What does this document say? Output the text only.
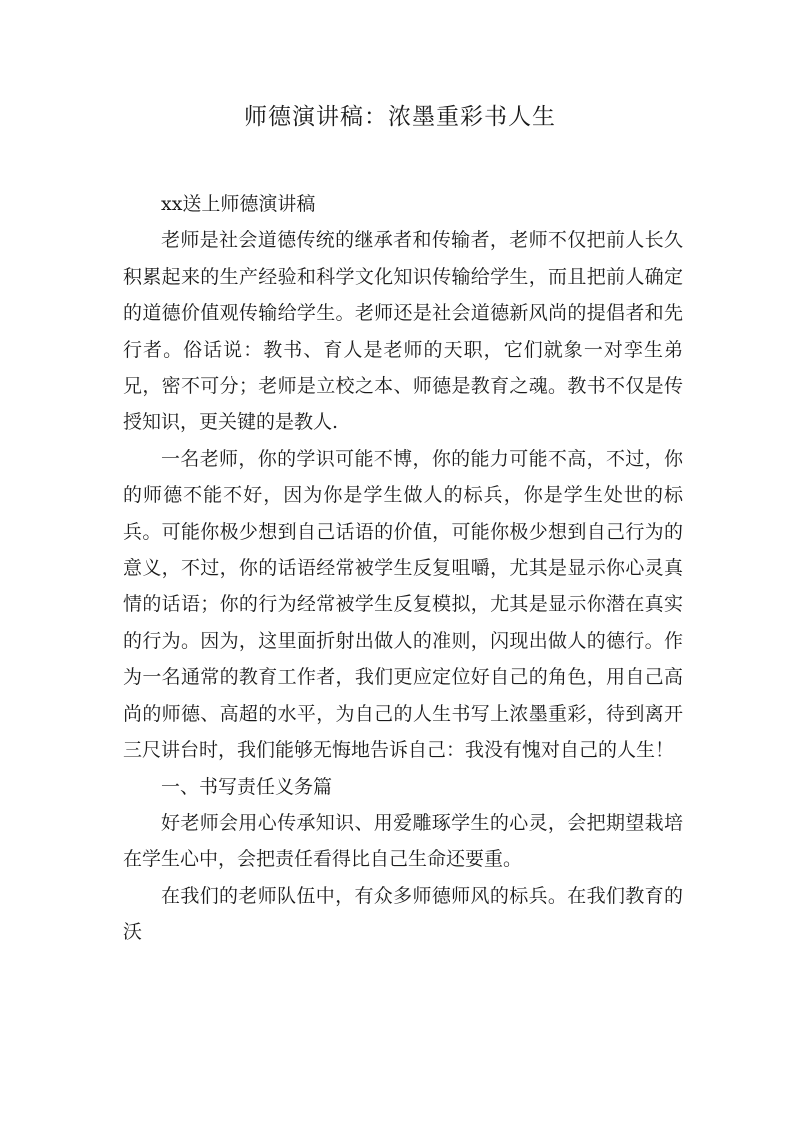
师德演讲稿：浓墨重彩书人生

xx送上师德演讲稿

老师是社会道德传统的继承者和传输者，老师不仅把前人长久积累起来的生产经验和科学文化知识传输给学生，而且把前人确定的道德价值观传输给学生。老师还是社会道德新风尚的提倡者和先行者。俗话说：教书、育人是老师的天职，它们就象一对孪生弟兄，密不可分；老师是立校之本、师德是教育之魂。教书不仅是传授知识，更关键的是教人.

一名老师，你的学识可能不博，你的能力可能不高，不过，你的师德不能不好，因为你是学生做人的标兵，你是学生处世的标兵。可能你极少想到自己话语的价值，可能你极少想到自己行为的意义，不过，你的话语经常被学生反复咀嚼，尤其是显示你心灵真情的话语；你的行为经常被学生反复模拟，尤其是显示你潜在真实的行为。因为，这里面折射出做人的准则，闪现出做人的德行。作为一名通常的教育工作者，我们更应定位好自己的角色，用自己高尚的师德、高超的水平，为自己的人生书写上浓墨重彩，待到离开三尺讲台时，我们能够无悔地告诉自己：我没有愧对自己的人生！

一、书写责任义务篇

好老师会用心传承知识、用爱雕琢学生的心灵，会把期望栽培在学生心中，会把责任看得比自己生命还要重。

在我们的老师队伍中，有众多师德师风的标兵。在我们教育的沃
